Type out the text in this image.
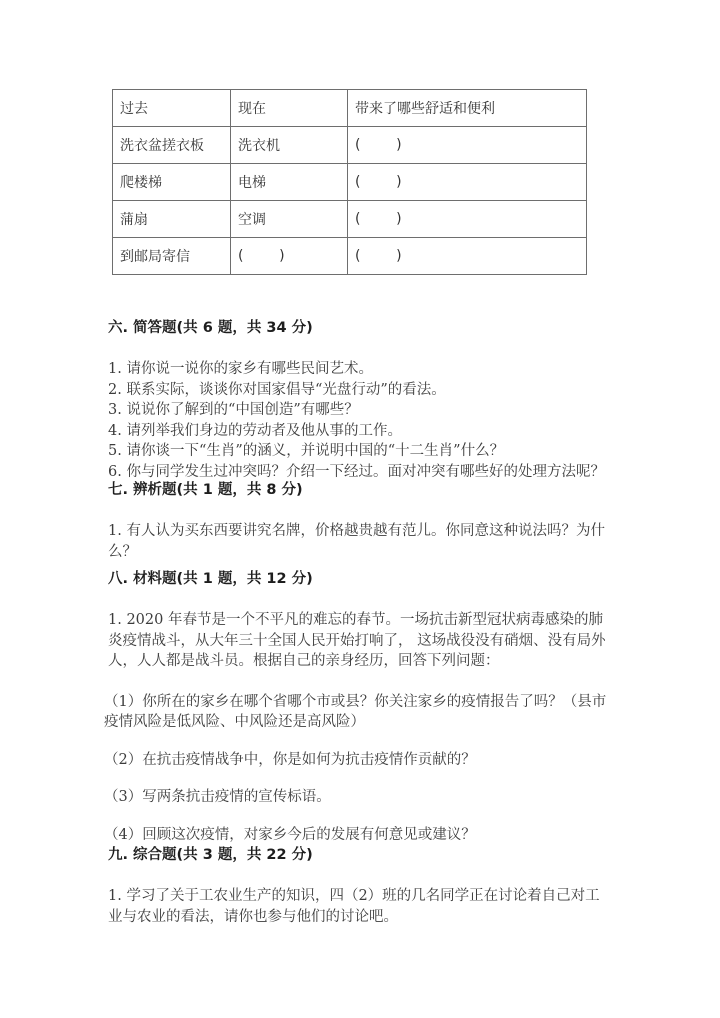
过去	现在	带来了哪些舒适和便利
洗衣盆搓衣板	洗衣机	(        )
爬楼梯	电梯	(        )
蒲扇	空调	(        )
到邮局寄信	(        )	(        )
六. 简答题(共 6 题，共 34 分)
1. 请你说一说你的家乡有哪些民间艺术。
2. 联系实际，谈谈你对国家倡导“光盘行动”的看法。
3. 说说你了解到的“中国创造”有哪些？
4. 请列举我们身边的劳动者及他从事的工作。
5. 请你谈一下“生肖”的涵义，并说明中国的“十二生肖”什么？
6. 你与同学发生过冲突吗？介绍一下经过。面对冲突有哪些好的处理方法呢？
七. 辨析题(共 1 题，共 8 分)
1. 有人认为买东西要讲究名牌，价格越贵越有范儿。你同意这种说法吗？为什么？
八. 材料题(共 1 题，共 12 分)
1. 2020 年春节是一个不平凡的难忘的春节。一场抗击新型冠状病毒感染的肺炎疫情战斗，从大年三十全国人民开始打响了， 这场战役没有硝烟、没有局外人，人人都是战斗员。根据自己的亲身经历，回答下列问题：
（1）你所在的家乡在哪个省哪个市或县？你关注家乡的疫情报告了吗？（县市疫情风险是低风险、中风险还是高风险）
（2）在抗击疫情战争中，你是如何为抗击疫情作贡献的？
（3）写两条抗击疫情的宣传标语。
（4）回顾这次疫情，对家乡今后的发展有何意见或建议？
九. 综合题(共 3 题，共 22 分)
1. 学习了关于工农业生产的知识，四（2）班的几名同学正在讨论着自己对工业与农业的看法，请你也参与他们的讨论吧。
